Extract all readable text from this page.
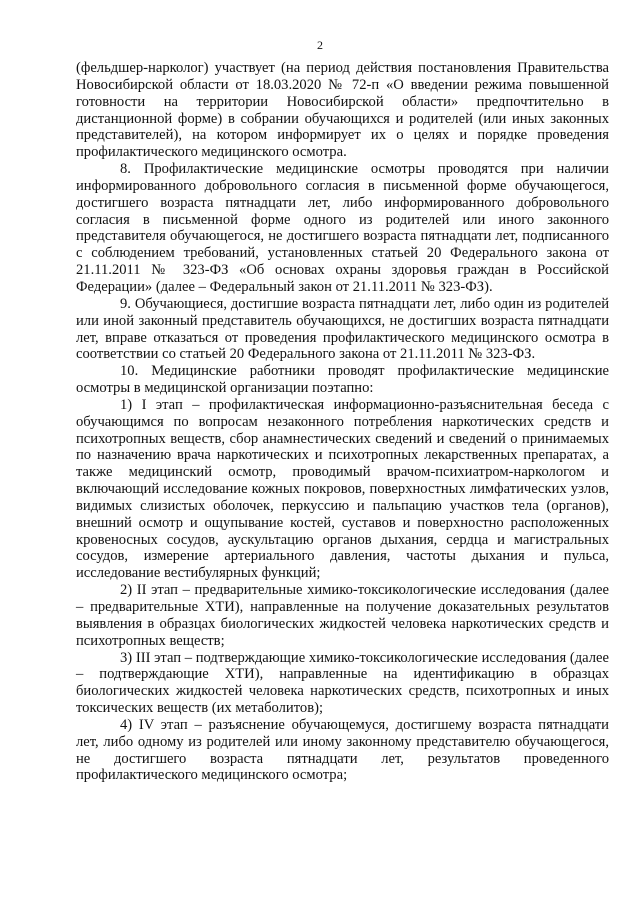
2

(фельдшер-нарколог) участвует (на период действия постановления Правительства Новосибирской области от 18.03.2020 № 72-п «О введении режима повышенной готовности на территории Новосибирской области» предпочтительно в дистанционной форме) в собрании обучающихся и родителей (или иных законных представителей), на котором информирует их о целях и порядке проведения профилактического медицинского осмотра.

8. Профилактические медицинские осмотры проводятся при наличии информированного добровольного согласия в письменной форме обучающегося, достигшего возраста пятнадцати лет, либо информированного добровольного согласия в письменной форме одного из родителей или иного законного представителя обучающегося, не достигшего возраста пятнадцати лет, подписанного с соблюдением требований, установленных статьей 20 Федерального закона от 21.11.2011 № 323-ФЗ «Об основах охраны здоровья граждан в Российской Федерации» (далее – Федеральный закон от 21.11.2011 № 323-ФЗ).

9. Обучающиеся, достигшие возраста пятнадцати лет, либо один из родителей или иной законный представитель обучающихся, не достигших возраста пятнадцати лет, вправе отказаться от проведения профилактического медицинского осмотра в соответствии со статьей 20 Федерального закона от 21.11.2011 № 323-ФЗ.

10. Медицинские работники проводят профилактические медицинские осмотры в медицинской организации поэтапно:

1) I этап – профилактическая информационно-разъяснительная беседа с обучающимся по вопросам незаконного потребления наркотических средств и психотропных веществ, сбор анамнестических сведений и сведений о принимаемых по назначению врача наркотических и психотропных лекарственных препаратах, а также медицинский осмотр, проводимый врачом-психиатром-наркологом и включающий исследование кожных покровов, поверхностных лимфатических узлов, видимых слизистых оболочек, перкуссию и пальпацию участков тела (органов), внешний осмотр и ощупывание костей, суставов и поверхностно расположенных кровеносных сосудов, аускультацию органов дыхания, сердца и магистральных сосудов, измерение артериального давления, частоты дыхания и пульса, исследование вестибулярных функций;

2) II этап – предварительные химико-токсикологические исследования (далее – предварительные ХТИ), направленные на получение доказательных результатов выявления в образцах биологических жидкостей человека наркотических средств и психотропных веществ;

3) III этап – подтверждающие химико-токсикологические исследования (далее – подтверждающие ХТИ), направленные на идентификацию в образцах биологических жидкостей человека наркотических средств, психотропных и иных токсических веществ (их метаболитов);

4) IV этап – разъяснение обучающемуся, достигшему возраста пятнадцати лет, либо одному из родителей или иному законному представителю обучающегося, не достигшего возраста пятнадцати лет, результатов проведенного профилактического медицинского осмотра;
